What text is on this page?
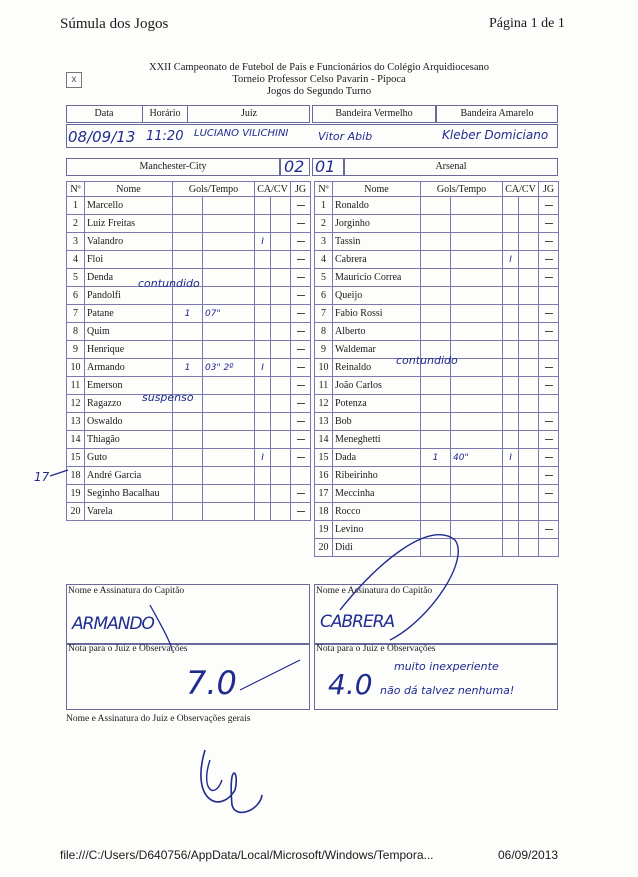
Súmula dos Jogos	Página 1 de 1
XXII Campeonato de Futebol de Pais e Funcionários do Colégio Arquidiocesano
Torneio Professor Celso Pavarin - Pipoca
Jogos do Segundo Turno
x
Data	Horário	Juiz	Bandeira Vermelho	Bandeira Amarelo
08/09/13 11:20 LUCIANO VILICHINI	Vitor Abib	Kleber Domiciano
Manchester-City	02 01	Arsenal
Nº	Nome	Gols/Tempo		CA/CV		JG
1	Marcello					
2	Luiz Freitas					
3	Valandro			I		
4	Floi					
5	Denda					
6	Pandolfi					
7	Patane	1	07"			
8	Quim					
9	Henrique					
10	Armando	1	03" 2º	I		
11	Emerson					
12	Ragazzo					
13	Oswaldo					
14	Thiagão					
15	Guto			I		
18	André Garcia					
19	Seginho Bacalhau					
20	Varela					
Nº	Nome	Gols/Tempo		CA/CV		JG
1	Ronaldo					
2	Jorginho					
3	Tassin					
4	Cabrera			I		
5	Mauricio Correa					
6	Queijo					
7	Fabio Rossi					
8	Alberto					
9	Waldemar					
10	Reinaldo					
11	João Carlos					
12	Potenza					
13	Bob					
14	Meneghetti					
15	Dada	1	40"	I		
16	Ribeirinho					
17	Meccinha					
18	Rocco					
19	Levino					
20	Didi					
contundido
suspenso
contundido
17
Nome e Assinatura do Capitão
ARMANDO
Nome e Assinatura do Capitão
CABRERA
Nota para o Juiz e Observações
7.0
Nota para o Juiz e Observações
4.0
muito inexperiente
não dá talvez nenhuma!
Nome e Assinatura do Juiz e Observações gerais
file:///C:/Users/D640756/AppData/Local/Microsoft/Windows/Tempora...	06/09/2013
